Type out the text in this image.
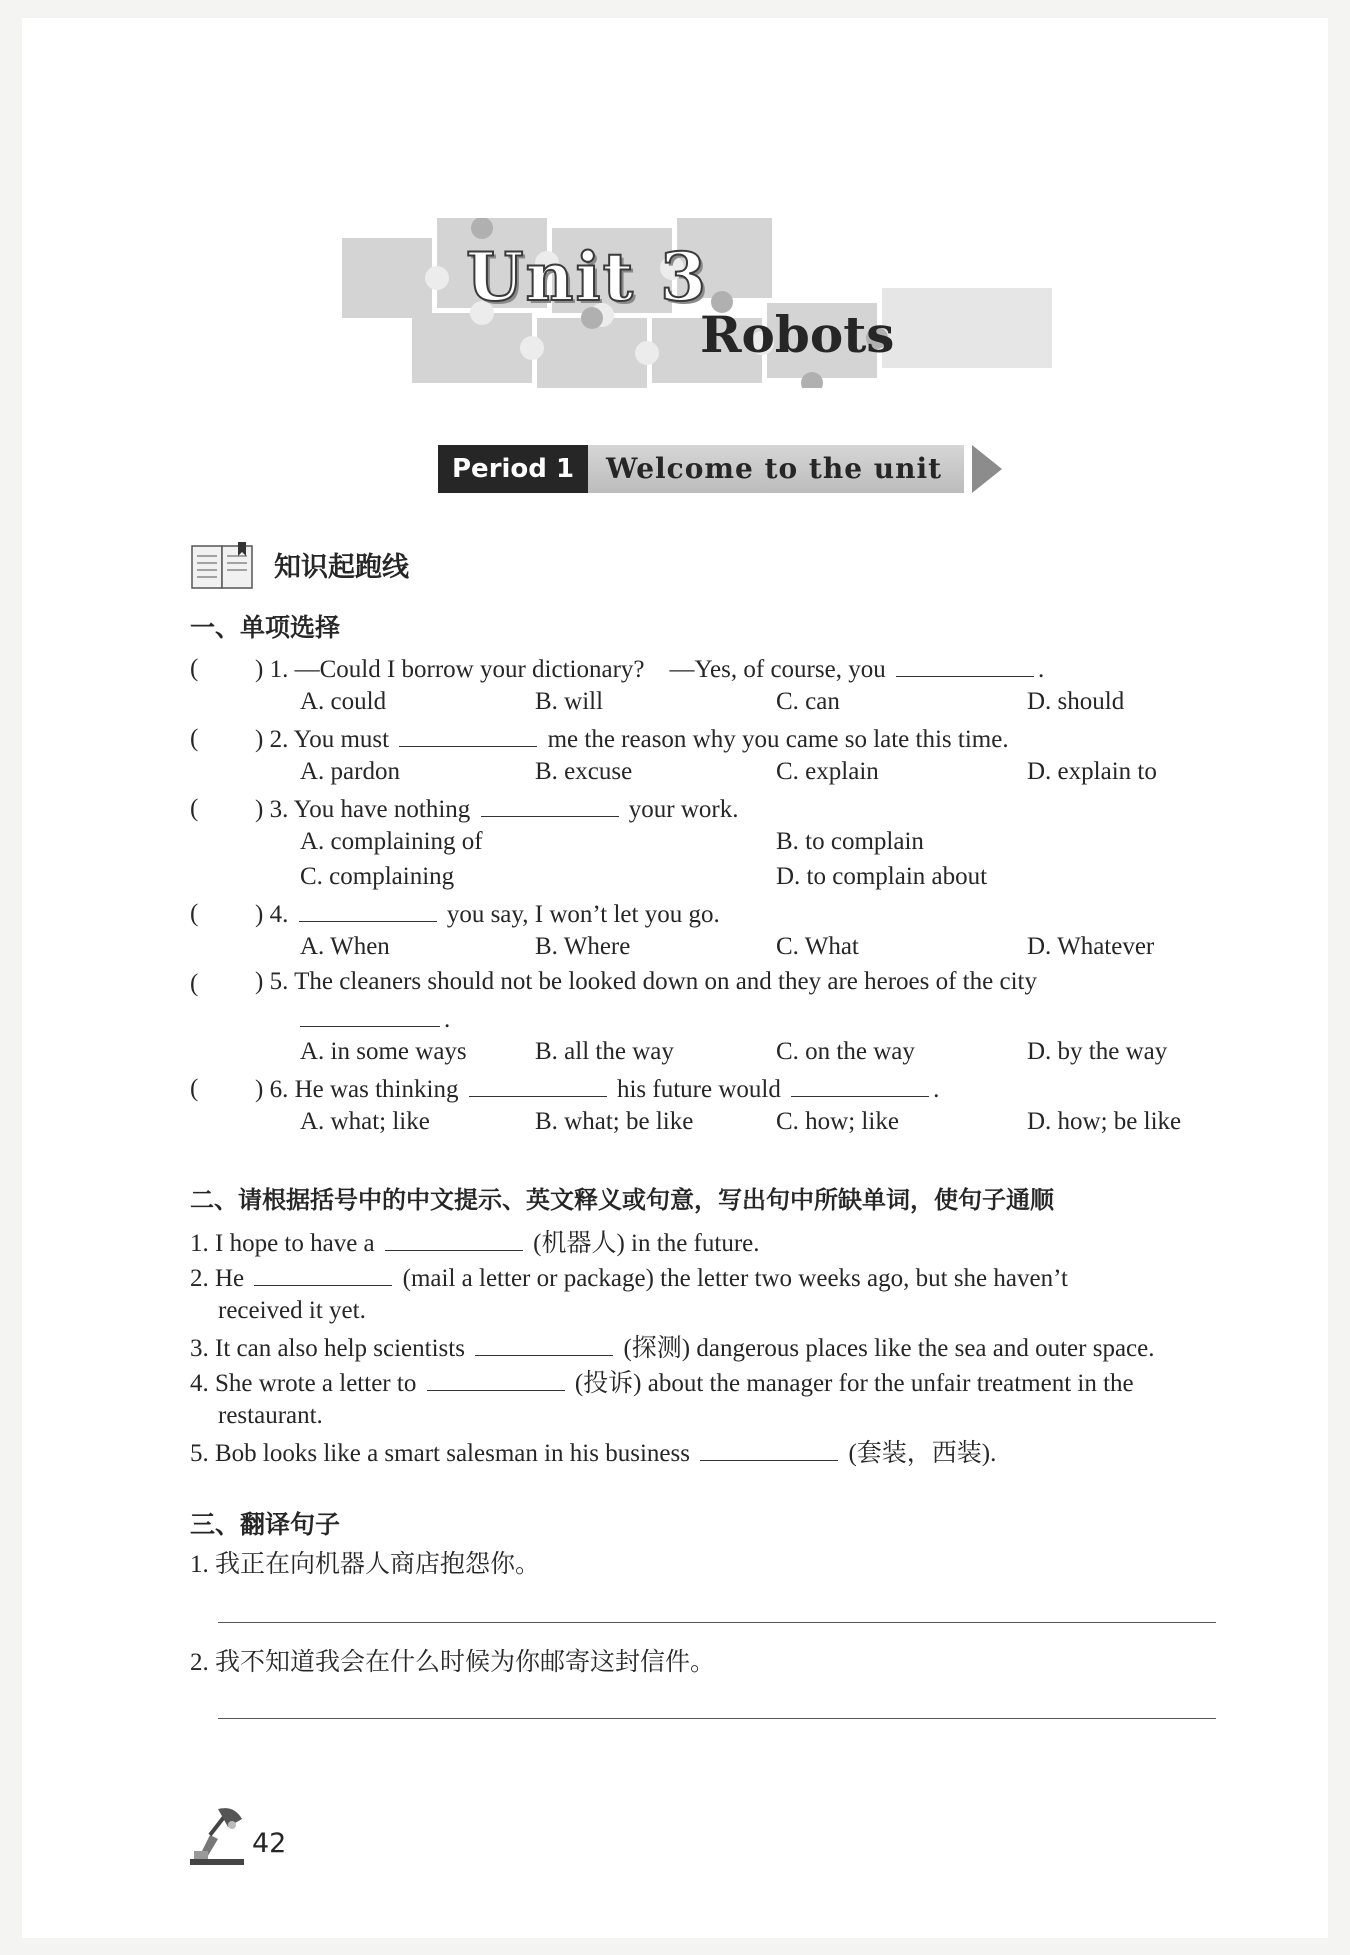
Unit 3
Robots
Period 1	Welcome to the unit
知识起跑线
一、单项选择
( ) 1. —Could I borrow your dictionary?　—Yes, of course, you	.
A. could	B. will	C. can	D. should
( ) 2. You must	me the reason why you came so late this time.
A. pardon	B. excuse	C. explain	D. explain to
( ) 3. You have nothing	your work.
A. complaining of	B. to complain
C. complaining	D. to complain about
( ) 4.	you say, I won’t let you go.
A. When	B. Where	C. What	D. Whatever
( ) 5. The cleaners should not be looked down on and they are heroes of the city
.
A. in some ways	B. all the way	C. on the way	D. by the way
( ) 6. He was thinking	his future would	.
A. what; like	B. what; be like	C. how; like	D. how; be like
二、请根据括号中的中文提示、英文释义或句意，写出句中所缺单词，使句子通顺
1. I hope to have a	(机器人) in the future.
2. He	(mail a letter or package) the letter two weeks ago, but she haven’t
received it yet.
3. It can also help scientists	(探测) dangerous places like the sea and outer space.
4. She wrote a letter to	(投诉) about the manager for the unfair treatment in the
restaurant.
5. Bob looks like a smart salesman in his business	(套装，西装).
三、翻译句子
1. 我正在向机器人商店抱怨你。
2. 我不知道我会在什么时候为你邮寄这封信件。
42
